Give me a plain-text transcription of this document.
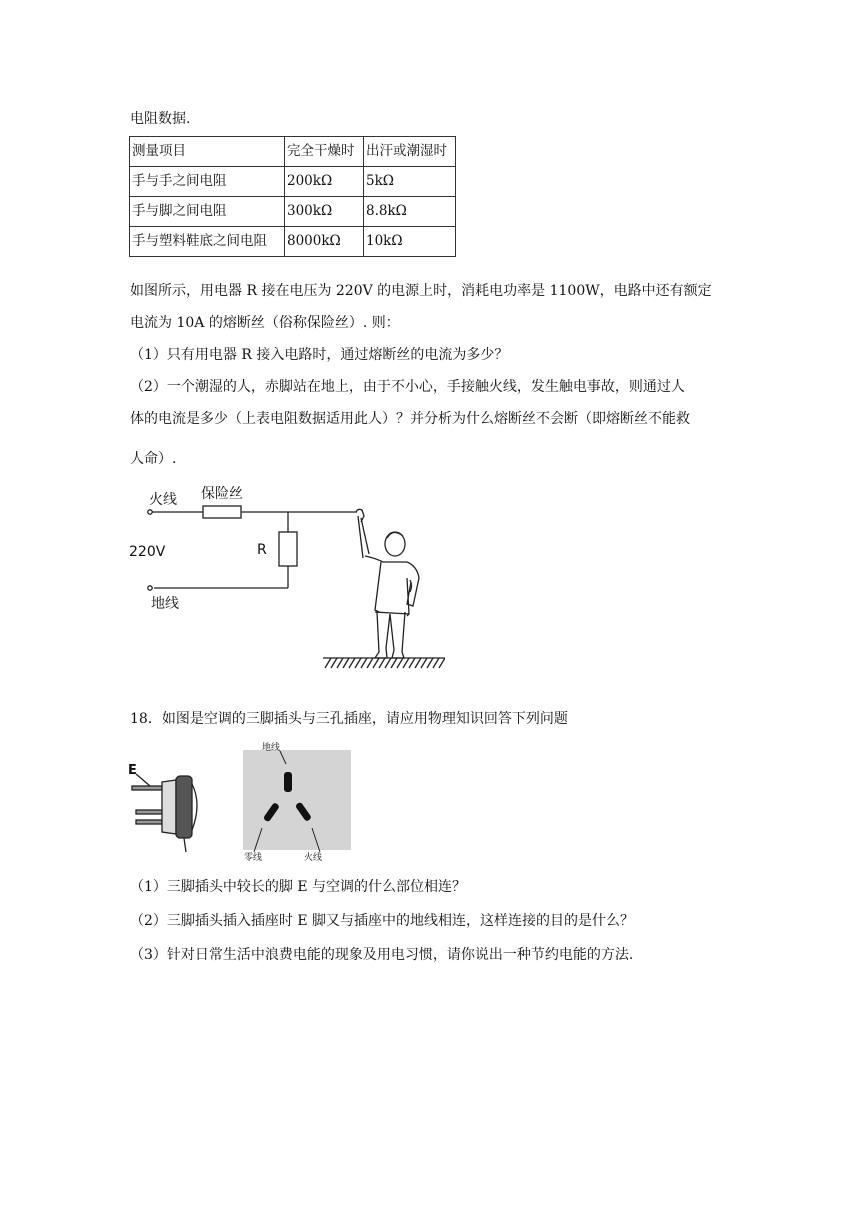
电阻数据.
测量项目	完全干燥时	出汗或潮湿时
手与手之间电阻	200kΩ	5kΩ
手与脚之间电阻	300kΩ	8.8kΩ
手与塑料鞋底之间电阻	8000kΩ	10kΩ
如图所示，用电器 R 接在电压为 220V 的电源上时，消耗电功率是 1100W，电路中还有额定
电流为 10A 的熔断丝（俗称保险丝）. 则：
（1）只有用电器 R 接入电路时，通过熔断丝的电流为多少？
（2）一个潮湿的人，赤脚站在地上，由于不小心，手接触火线，发生触电事故，则通过人
体的电流是多少（上表电阻数据适用此人）？并分析为什么熔断丝不会断（即熔断丝不能救
人命）.
火线 保险丝
220V	R
地线
18．如图是空调的三脚插头与三孔插座，请应用物理知识回答下列问题
E
地线
零线	火线
（1）三脚插头中较长的脚 E 与空调的什么部位相连？
（2）三脚插头插入插座时 E 脚又与插座中的地线相连，这样连接的目的是什么？
（3）针对日常生活中浪费电能的现象及用电习惯，请你说出一种节约电能的方法.
